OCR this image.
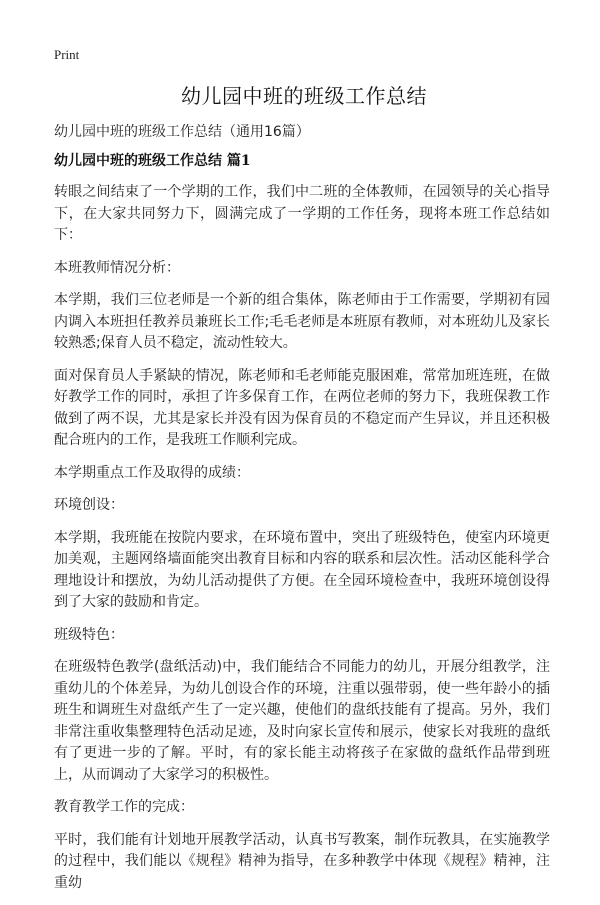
Print
幼儿园中班的班级工作总结
幼儿园中班的班级工作总结（通用16篇）
幼儿园中班的班级工作总结 篇1

转眼之间结束了一个学期的工作，我们中二班的全体教师，在园领导的关心指导下，在大家共同努力下，圆满完成了一学期的工作任务，现将本班工作总结如下：

本班教师情况分析：

本学期，我们三位老师是一个新的组合集体，陈老师由于工作需要，学期初有园内调入本班担任教养员兼班长工作;毛毛老师是本班原有教师，对本班幼儿及家长较熟悉;保育人员不稳定，流动性较大。

面对保育员人手紧缺的情况，陈老师和毛老师能克服困难，常常加班连班，在做好教学工作的同时，承担了许多保育工作，在两位老师的努力下，我班保教工作做到了两不误，尤其是家长并没有因为保育员的不稳定而产生异议，并且还积极配合班内的工作，是我班工作顺利完成。

本学期重点工作及取得的成绩：

环境创设：

本学期，我班能在按院内要求，在环境布置中，突出了班级特色，使室内环境更加美观，主题网络墙面能突出教育目标和内容的联系和层次性。活动区能科学合理地设计和摆放，为幼儿活动提供了方便。在全园环境检查中，我班环境创设得到了大家的鼓励和肯定。

班级特色：

在班级特色教学(盘纸活动)中，我们能结合不同能力的幼儿，开展分组教学，注重幼儿的个体差异，为幼儿创设合作的环境，注重以强带弱，使一些年龄小的插班生和调班生对盘纸产生了一定兴趣，使他们的盘纸技能有了提高。另外，我们非常注重收集整理特色活动足迹，及时向家长宣传和展示，使家长对我班的盘纸有了更进一步的了解。平时，有的家长能主动将孩子在家做的盘纸作品带到班上，从而调动了大家学习的积极性。

教育教学工作的完成：

平时，我们能有计划地开展教学活动，认真书写教案，制作玩教具，在实施教学的过程中，我们能以《规程》精神为指导，在多种教学中体现《规程》精神，注重幼
